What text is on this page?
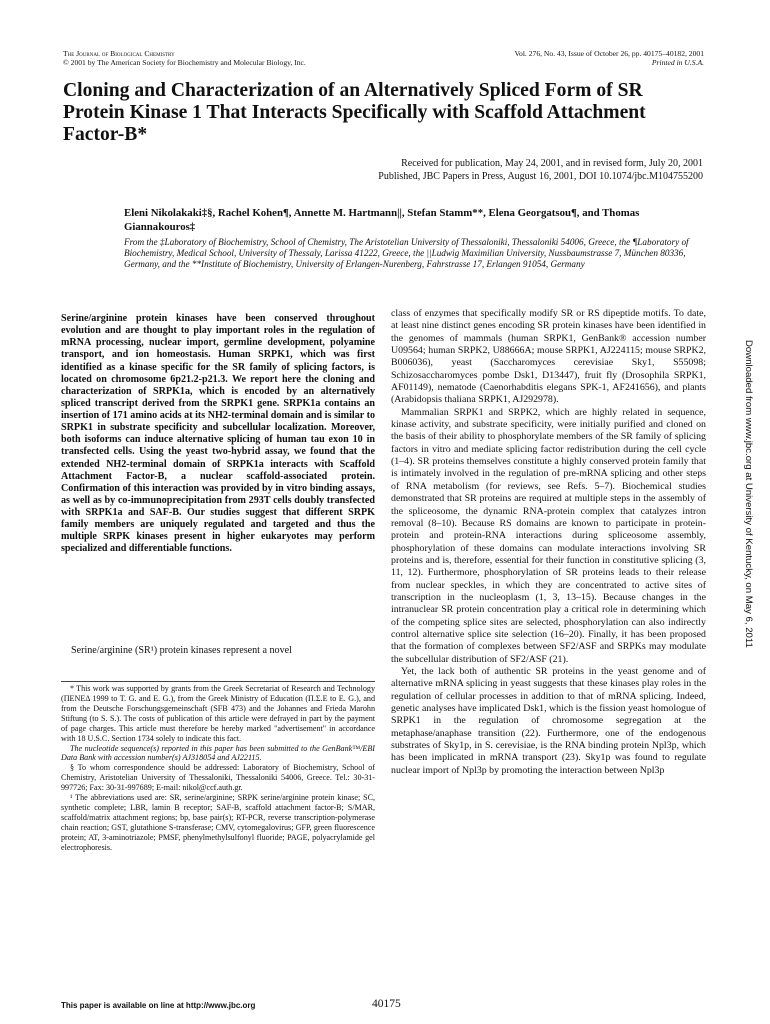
The Journal of Biological Chemistry
© 2001 by The American Society for Biochemistry and Molecular Biology, Inc.
Vol. 276, No. 43, Issue of October 26, pp. 40175–40182, 2001
Printed in U.S.A.
Cloning and Characterization of an Alternatively Spliced Form of SR Protein Kinase 1 That Interacts Specifically with Scaffold Attachment Factor-B*
Received for publication, May 24, 2001, and in revised form, July 20, 2001
Published, JBC Papers in Press, August 16, 2001, DOI 10.1074/jbc.M104755200
Eleni Nikolakaki‡§, Rachel Kohen¶, Annette M. Hartmann||, Stefan Stamm**, Elena Georgatsou¶, and Thomas Giannakouros‡
From the ‡Laboratory of Biochemistry, School of Chemistry, The Aristotelian University of Thessaloniki, Thessaloniki 54006, Greece, the ¶Laboratory of Biochemistry, Medical School, University of Thessaly, Larissa 41222, Greece, the ||Ludwig Maximilian University, Nussbaumstrasse 7, München 80336, Germany, and the **Institute of Biochemistry, University of Erlangen-Nurenberg, Fahrstrasse 17, Erlangen 91054, Germany
Serine/arginine protein kinases have been conserved throughout evolution and are thought to play important roles in the regulation of mRNA processing, nuclear import, germline development, polyamine transport, and ion homeostasis. Human SRPK1, which was first identified as a kinase specific for the SR family of splicing factors, is located on chromosome 6p21.2-p21.3. We report here the cloning and characterization of SRPK1a, which is encoded by an alternatively spliced transcript derived from the SRPK1 gene. SRPK1a contains an insertion of 171 amino acids at its NH2-terminal domain and is similar to SRPK1 in substrate specificity and subcellular localization. Moreover, both isoforms can induce alternative splicing of human tau exon 10 in transfected cells. Using the yeast two-hybrid assay, we found that the extended NH2-terminal domain of SRPK1a interacts with Scaffold Attachment Factor-B, a nuclear scaffold-associated protein. Confirmation of this interaction was provided by in vitro binding assays, as well as by co-immunoprecipitation from 293T cells doubly transfected with SRPK1a and SAF-B. Our studies suggest that different SRPK family members are uniquely regulated and targeted and thus the multiple SRPK kinases present in higher eukaryotes may perform specialized and differentiable functions.
Serine/arginine (SR¹) protein kinases represent a novel

* This work was supported by grants from the Greek Secretariat of Research and Technology (ΠΕΝΕΔ 1999 to T. G. and E. G.), from the Greek Ministry of Education (Π.Σ.Ε to E. G.), and from the Deutsche Forschungsgemeinschaft (SFB 473) and the Johannes and Frieda Marohn Stiftung (to S. S.). The costs of publication of this article were defrayed in part by the payment of page charges. This article must therefore be hereby marked "advertisement" in accordance with 18 U.S.C. Section 1734 solely to indicate this fact.

The nucleotide sequence(s) reported in this paper has been submitted to the GenBank™/EBI Data Bank with accession number(s) AJ318054 and AJ22115.

§ To whom correspondence should be addressed: Laboratory of Biochemistry, School of Chemistry, Aristotelian University of Thessaloniki, Thessaloniki 54006, Greece. Tel.: 30-31-997726; Fax: 30-31-997689; E-mail: nikol@ccf.auth.gr.

¹ The abbreviations used are: SR, serine/arginine; SRPK serine/arginine protein kinase; SC, synthetic complete; LBR, lamin B receptor; SAF-B, scaffold attachment factor-B; S/MAR, scaffold/matrix attachment regions; bp, base pair(s); RT-PCR, reverse transcription-polymerase chain reaction; GST, glutathione S-transferase; CMV, cytomegalovirus; GFP, green fluorescence protein; AT, 3-aminotriazole; PMSF, phenylmethylsulfonyl fluoride; PAGE, polyacrylamide gel electrophoresis.

class of enzymes that specifically modify SR or RS dipeptide motifs. To date, at least nine distinct genes encoding SR protein kinases have been identified in the genomes of mammals (human SRPK1, GenBank® accession number U09564; human SRPK2, U88666A; mouse SRPK1, AJ224115; mouse SRPK2, B006036), yeast (Saccharomyces cerevisiae Sky1, S55098; Schizosaccharomyces pombe Dsk1, D13447), fruit fly (Drosophila SRPK1, AF01149), nematode (Caenorhabditis elegans SPK-1, AF241656), and plants (Arabidopsis thaliana SRPK1, AJ292978).

Mammalian SRPK1 and SRPK2, which are highly related in sequence, kinase activity, and substrate specificity, were initially purified and cloned on the basis of their ability to phosphorylate members of the SR family of splicing factors in vitro and mediate splicing factor redistribution during the cell cycle (1–4). SR proteins themselves constitute a highly conserved protein family that is intimately involved in the regulation of pre-mRNA splicing and other steps of RNA metabolism (for reviews, see Refs. 5–7). Biochemical studies demonstrated that SR proteins are required at multiple steps in the assembly of the spliceosome, the dynamic RNA-protein complex that catalyzes intron removal (8–10). Because RS domains are known to participate in protein-protein and protein-RNA interactions during spliceosome assembly, phosphorylation of these domains can modulate interactions involving SR proteins and is, therefore, essential for their function in constitutive splicing (3, 11, 12). Furthermore, phosphorylation of SR proteins leads to their release from nuclear speckles, in which they are concentrated to active sites of transcription in the nucleoplasm (1, 3, 13–15). Because changes in the intranuclear SR protein concentration play a critical role in determining which of the competing splice sites are selected, phosphorylation can also indirectly control alternative splice site selection (16–20). Finally, it has been proposed that the formation of complexes between SF2/ASF and SRPKs may modulate the subcellular distribution of SF2/ASF (21).

Yet, the lack both of authentic SR proteins in the yeast genome and of alternative mRNA splicing in yeast suggests that these kinases play roles in the regulation of cellular processes in addition to that of mRNA splicing. Indeed, genetic analyses have implicated Dsk1, which is the fission yeast homologue of SRPK1 in the regulation of chromosome segregation at the metaphase/anaphase transition (22). Furthermore, one of the endogenous substrates of Sky1p, in S. cerevisiae, is the RNA binding protein Npl3p, which has been implicated in mRNA transport (23). Sky1p was found to regulate nuclear import of Npl3p by promoting the interaction between Npl3p

This paper is available on line at http://www.jbc.org	40175
Downloaded from www.jbc.org at University of Kentucky, on May 6, 2011
